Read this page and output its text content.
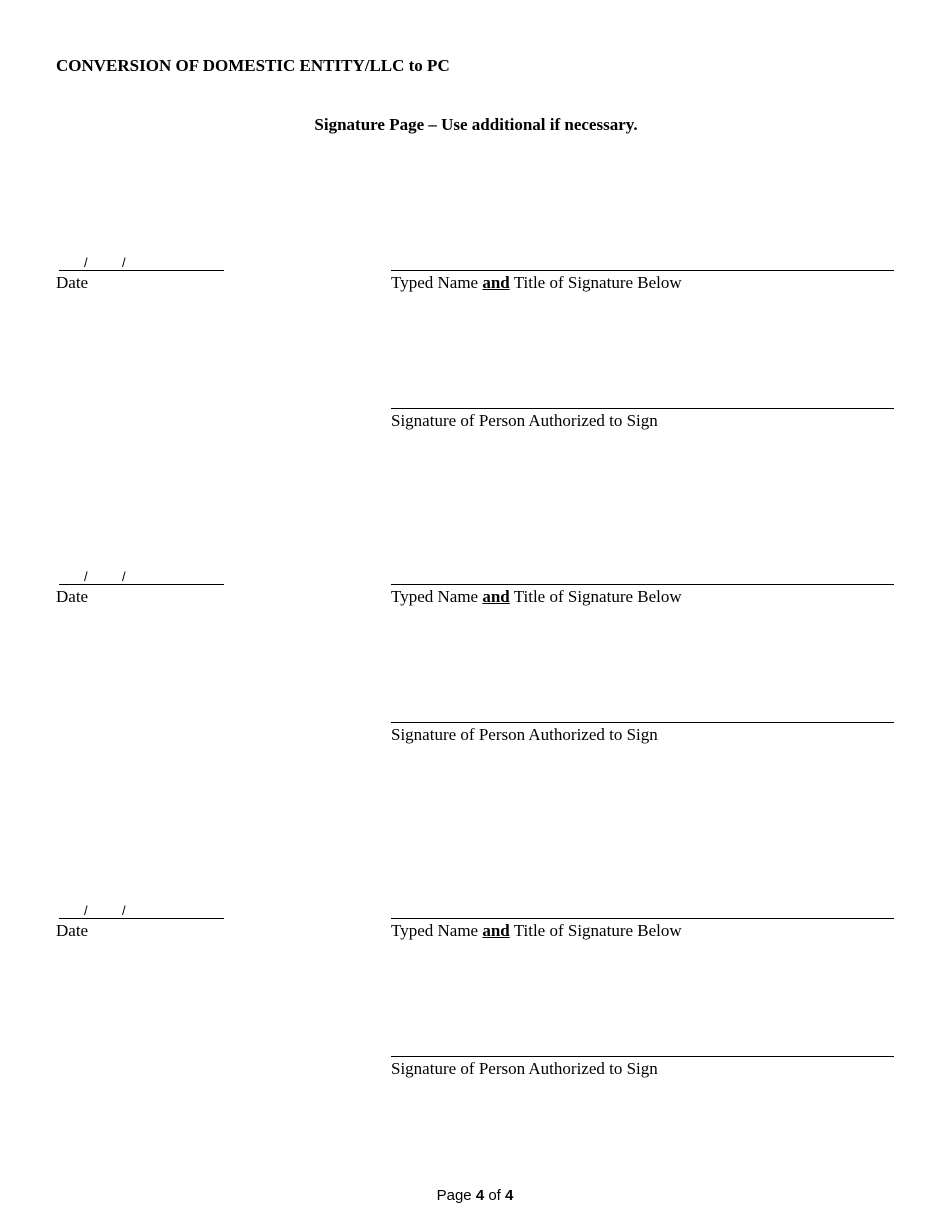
CONVERSION OF DOMESTIC ENTITY/LLC to PC
Signature Page – Use additional if necessary.
/	/
Date	Typed Name and Title of Signature Below
Signature of Person Authorized to Sign
/	/
Date	Typed Name and Title of Signature Below
Signature of Person Authorized to Sign
/	/
Date	Typed Name and Title of Signature Below
Signature of Person Authorized to Sign
Page 4 of 4
